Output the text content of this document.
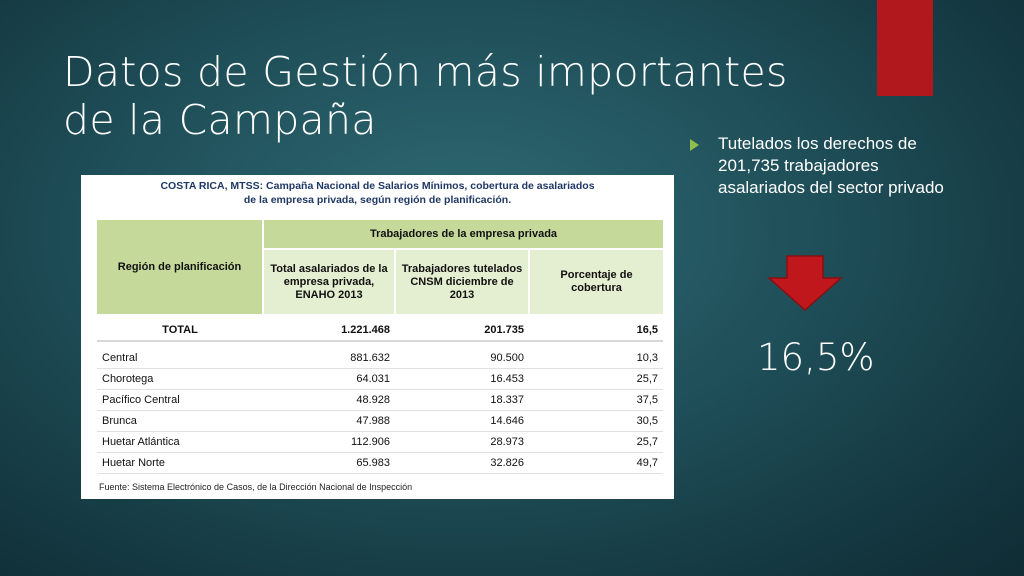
Datos de Gestión más importantes
de la Campaña	Tutelados los derechos de 201,735 trabajadores asalariados del sector privado
16,5%
COSTA RICA, MTSS: Campaña Nacional de Salarios Mínimos, cobertura de asalariados
de la empresa privada, según región de planificación.
Región de planificación	Trabajadores de la empresa privada		
	Total asalariados de la empresa privada, ENAHO 2013	Trabajadores tutelados CNSM diciembre de 2013	Porcentaje de cobertura

TOTAL	1.221.468	201.735	16,5

Central	881.632	90.500	10,3
Chorotega	64.031	16.453	25,7
Pacífico Central	48.928	18.337	37,5
Brunca	47.988	14.646	30,5
Huetar Atlántica	112.906	28.973	25,7
Huetar Norte	65.983	32.826	49,7
Fuente: Sistema Electrónico de Casos, de la Dirección Nacional de Inspección
